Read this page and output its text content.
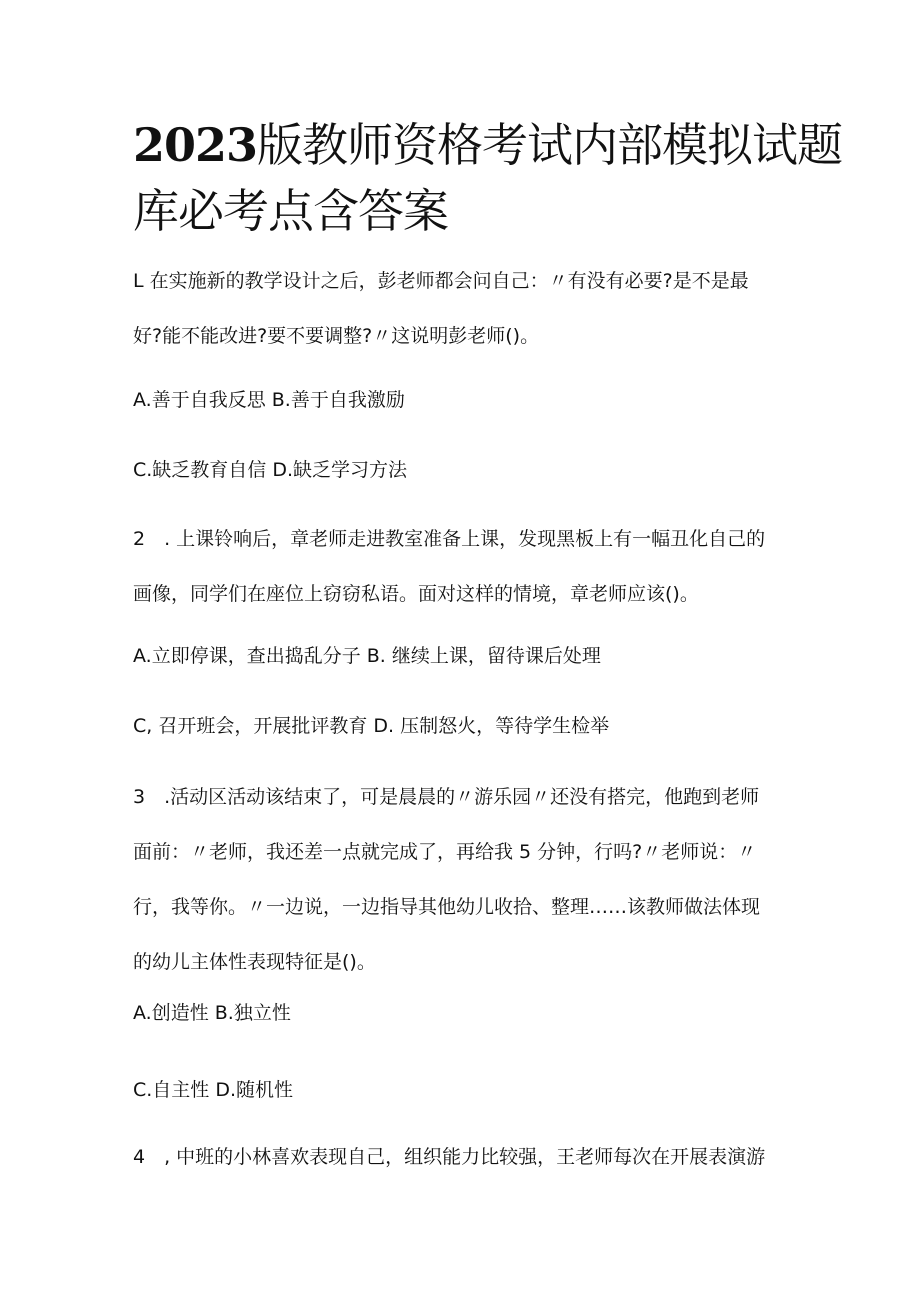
2023版教师资格考试内部模拟试题
库必考点含答案
L 在实施新的教学设计之后，彭老师都会问自己：〃有没有必要?是不是最
好?能不能改进?要不要调整?〃这说明彭老师()。
A.善于自我反思 B.善于自我激励
C.缺乏教育自信 D.缺乏学习方法
2　. 上课铃响后，章老师走进教室准备上课，发现黑板上有一幅丑化自己的
画像，同学们在座位上窃窃私语。面对这样的情境，章老师应该()。
A.立即停课，查出捣乱分子 B. 继续上课，留待课后处理
C, 召开班会，开展批评教育 D. 压制怒火，等待学生检举
3　.活动区活动该结束了，可是晨晨的〃游乐园〃还没有搭完，他跑到老师
面前：〃老师，我还差一点就完成了，再给我 5 分钟，行吗?〃老师说：〃
行，我等你。〃一边说，一边指导其他幼儿收拾、整理……该教师做法体现
的幼儿主体性表现特征是()。
A.创造性 B.独立性
C.自主性 D.随机性
4　, 中班的小林喜欢表现自己，组织能力比较强，王老师每次在开展表演游
